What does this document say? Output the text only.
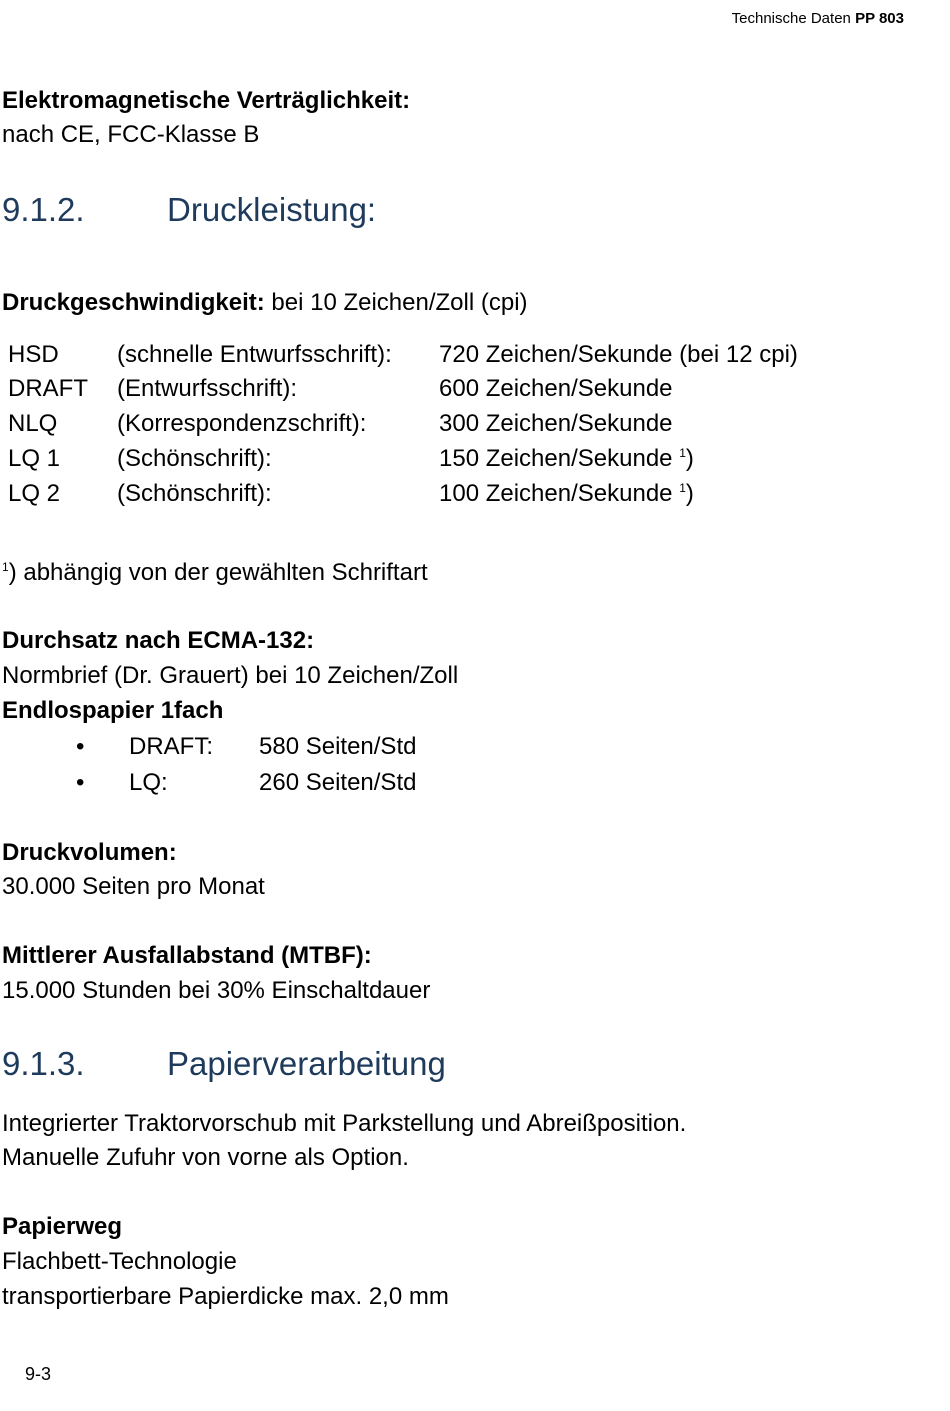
Technische Daten PP 803
Elektromagnetische Verträglichkeit:
nach CE, FCC-Klasse B
9.1.2. Druckleistung:
Druckgeschwindigkeit: bei 10 Zeichen/Zoll (cpi)
HSD (schnelle Entwurfsschrift): 720 Zeichen/Sekunde (bei 12 cpi)
DRAFT (Entwurfsschrift):	600 Zeichen/Sekunde
NLQ (Korrespondenzschrift):	300 Zeichen/Sekunde
LQ 1 (Schönschrift):	150 Zeichen/Sekunde $^1$)
LQ 2 (Schönschrift):	100 Zeichen/Sekunde $^1$)
$^1$) abhängig von der gewählten Schriftart
Durchsatz nach ECMA-132:
Normbrief (Dr. Grauert) bei 10 Zeichen/Zoll
Endlospapier 1fach
• DRAFT: 580 Seiten/Std
• LQ:	260 Seiten/Std
Druckvolumen:
30.000 Seiten pro Monat
Mittlerer Ausfallabstand (MTBF):
15.000 Stunden bei 30% Einschaltdauer
9.1.3. Papierverarbeitung
Integrierter Traktorvorschub mit Parkstellung und Abreißposition.
Manuelle Zufuhr von vorne als Option.
Papierweg
Flachbett-Technologie
transportierbare Papierdicke max. 2,0 mm
9-3
